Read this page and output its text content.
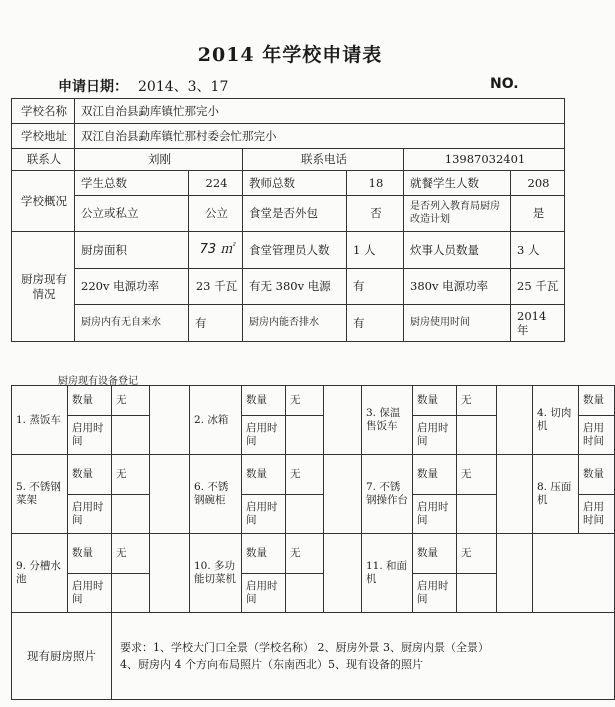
2014 年学校申请表
申请日期： 2014、3、17	NO.
学校名称	双江自治县勐库镇忙那完小					
学校地址	双江自治县勐库镇忙那村委会忙那完小					
联系人	刘刚		联系电话		13987032401	
学校概况	学生总数	224	教师总数	18	就餐学生人数	208
	公立或私立	公立	食堂是否外包	否	是否列入教育局厨房改造计划	是
厨房现有情况	厨房面积	73 ㎡	食堂管理员人数	1 人	炊事人员数量	3 人
	220v 电源功率	23 千瓦	有无 380v 电源	有	380v 电源功率	25 千瓦
	厨房内有无自来水	有	厨房内能否排水	有	厨房使用时间	2014 年
厨房现有设备登记
1. 蒸饭车	数量	无		2. 冰箱	数量	无		3. 保温售饭车	数量	无		4. 切肉机	数量	
	启用时间				启用时间				启用时间				启用时间	
5. 不锈钢菜架	数量	无		6. 不锈钢碗柜	数量	无		7. 不锈钢操作台	数量	无		8. 压面机	数量	
	启用时间				启用时间				启用时间				启用时间	
9. 分槽水池	数量	无		10. 多功能切菜机	数量	无		11. 和面机	数量	无				
	启用时间				启用时间				启用时间					
现有厨房照片		要求：1、学校大门口全景（学校名称） 2、厨房外景 3、厨房内景（全景）
4、厨房内 4 个方向布局照片（东南西北）5、现有设备的照片												
